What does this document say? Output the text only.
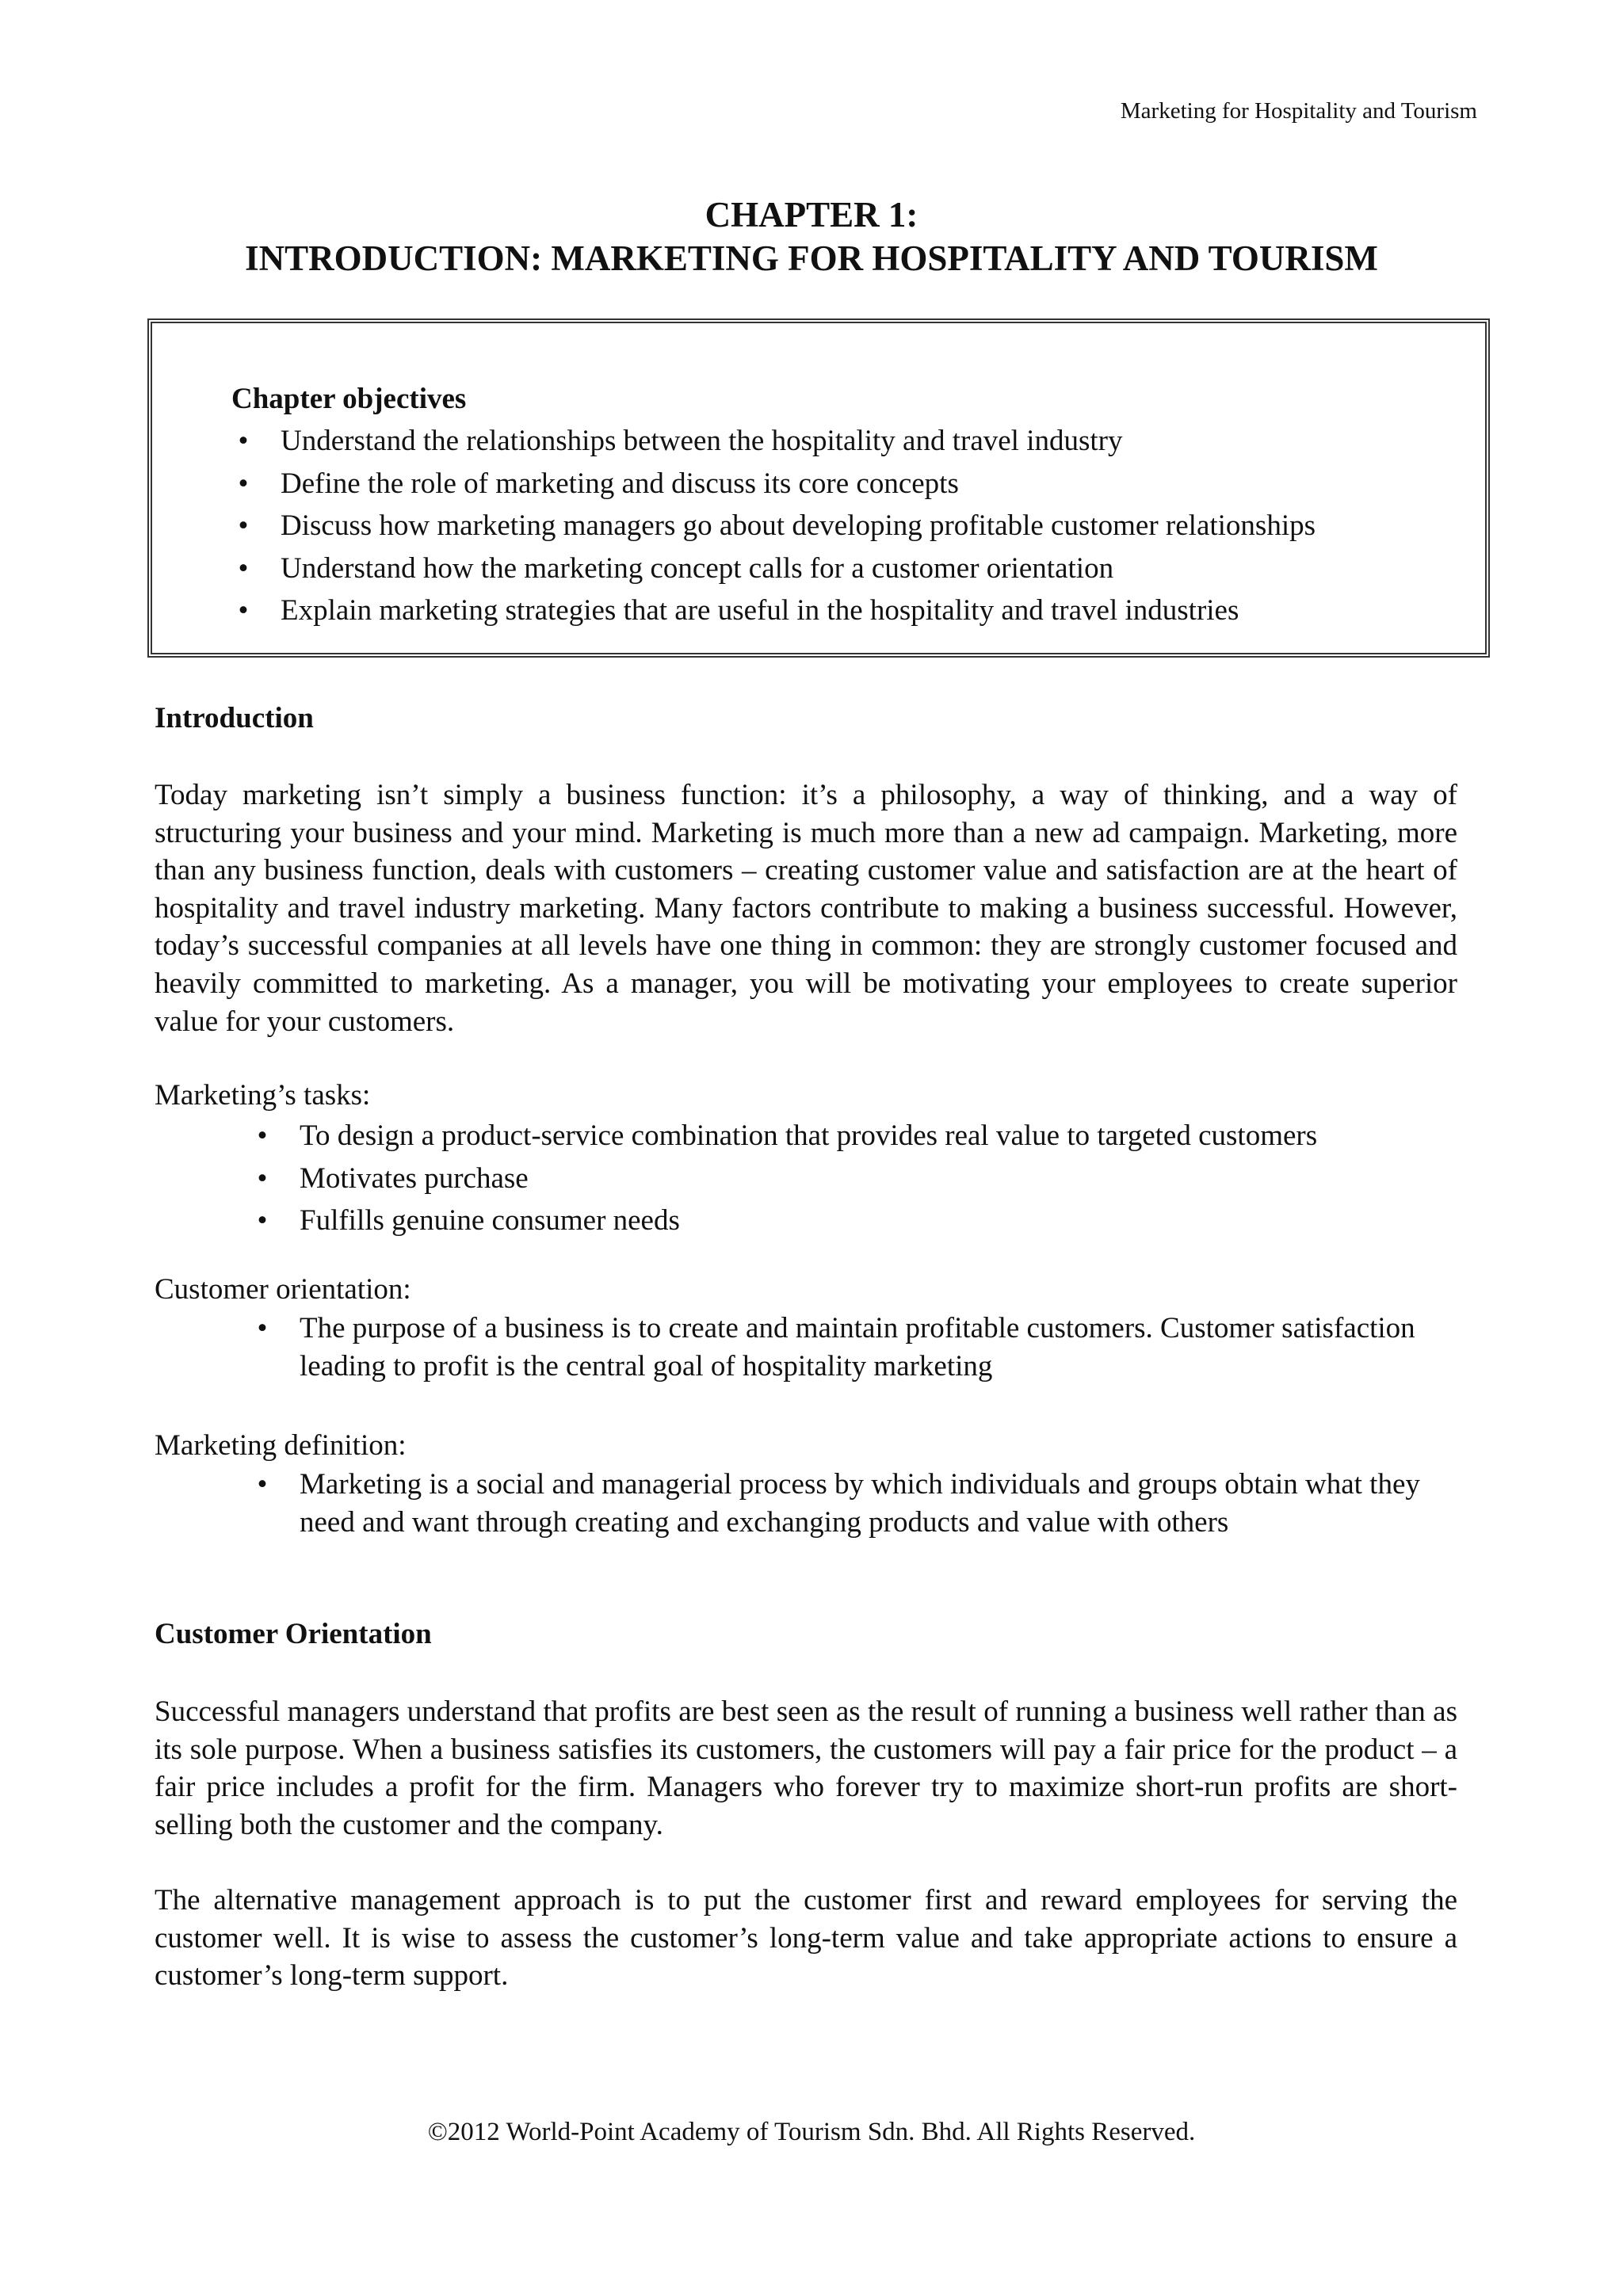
Marketing for Hospitality and Tourism
CHAPTER 1:
INTRODUCTION: MARKETING FOR HOSPITALITY AND TOURISM
Chapter objectives
• Understand the relationships between the hospitality and travel industry
• Define the role of marketing and discuss its core concepts
• Discuss how marketing managers go about developing profitable customer relationships
• Understand how the marketing concept calls for a customer orientation
• Explain marketing strategies that are useful in the hospitality and travel industries
Introduction

Today marketing isn’t simply a business function: it’s a philosophy, a way of thinking, and a way of structuring your business and your mind. Marketing is much more than a new ad campaign. Marketing, more than any business function, deals with customers – creating customer value and satisfaction are at the heart of hospitality and travel industry marketing. Many factors contribute to making a business successful. However, today’s successful companies at all levels have one thing in common: they are strongly customer focused and heavily committed to marketing. As a manager, you will be motivating your employees to create superior value for your customers.

Marketing’s tasks:
• To design a product-service combination that provides real value to targeted customers
• Motivates purchase
• Fulfills genuine consumer needs
Customer orientation:
• The purpose of a business is to create and maintain profitable customers. Customer satisfaction leading to profit is the central goal of hospitality marketing
Marketing definition:
• Marketing is a social and managerial process by which individuals and groups obtain what they need and want through creating and exchanging products and value with others
Customer Orientation

Successful managers understand that profits are best seen as the result of running a business well rather than as its sole purpose. When a business satisfies its customers, the customers will pay a fair price for the product – a fair price includes a profit for the firm. Managers who forever try to maximize short-run profits are short-selling both the customer and the company.

The alternative management approach is to put the customer first and reward employees for serving the customer well. It is wise to assess the customer’s long-term value and take appropriate actions to ensure a customer’s long-term support.

©2012 World-Point Academy of Tourism Sdn. Bhd. All Rights Reserved.
